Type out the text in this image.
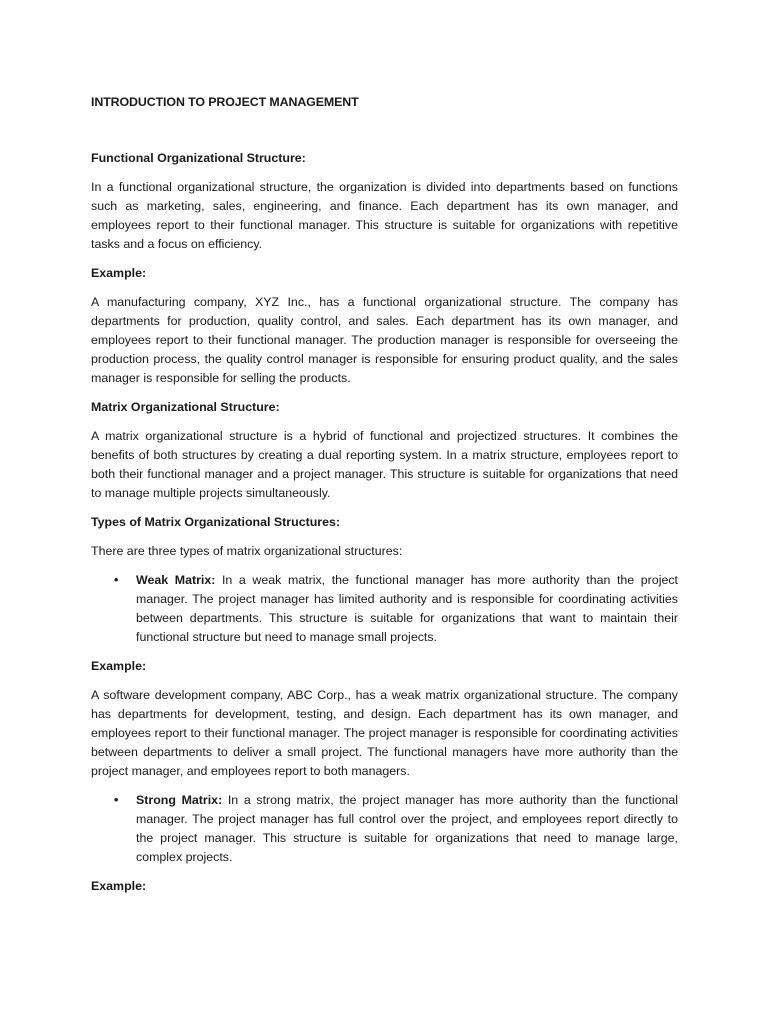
INTRODUCTION TO PROJECT MANAGEMENT
Functional Organizational Structure:
In a functional organizational structure, the organization is divided into departments based on functions such as marketing, sales, engineering, and finance. Each department has its own manager, and employees report to their functional manager. This structure is suitable for organizations with repetitive tasks and a focus on efficiency.
Example:
A manufacturing company, XYZ Inc., has a functional organizational structure. The company has departments for production, quality control, and sales. Each department has its own manager, and employees report to their functional manager. The production manager is responsible for overseeing the production process, the quality control manager is responsible for ensuring product quality, and the sales manager is responsible for selling the products.
Matrix Organizational Structure:
A matrix organizational structure is a hybrid of functional and projectized structures. It combines the benefits of both structures by creating a dual reporting system. In a matrix structure, employees report to both their functional manager and a project manager. This structure is suitable for organizations that need to manage multiple projects simultaneously.
Types of Matrix Organizational Structures:
There are three types of matrix organizational structures:
• Weak Matrix: In a weak matrix, the functional manager has more authority than the project manager. The project manager has limited authority and is responsible for coordinating activities between departments. This structure is suitable for organizations that want to maintain their functional structure but need to manage small projects.
Example:
A software development company, ABC Corp., has a weak matrix organizational structure. The company has departments for development, testing, and design. Each department has its own manager, and employees report to their functional manager. The project manager is responsible for coordinating activities between departments to deliver a small project. The functional managers have more authority than the project manager, and employees report to both managers.
• Strong Matrix: In a strong matrix, the project manager has more authority than the functional manager. The project manager has full control over the project, and employees report directly to the project manager. This structure is suitable for organizations that need to manage large, complex projects.
Example:
